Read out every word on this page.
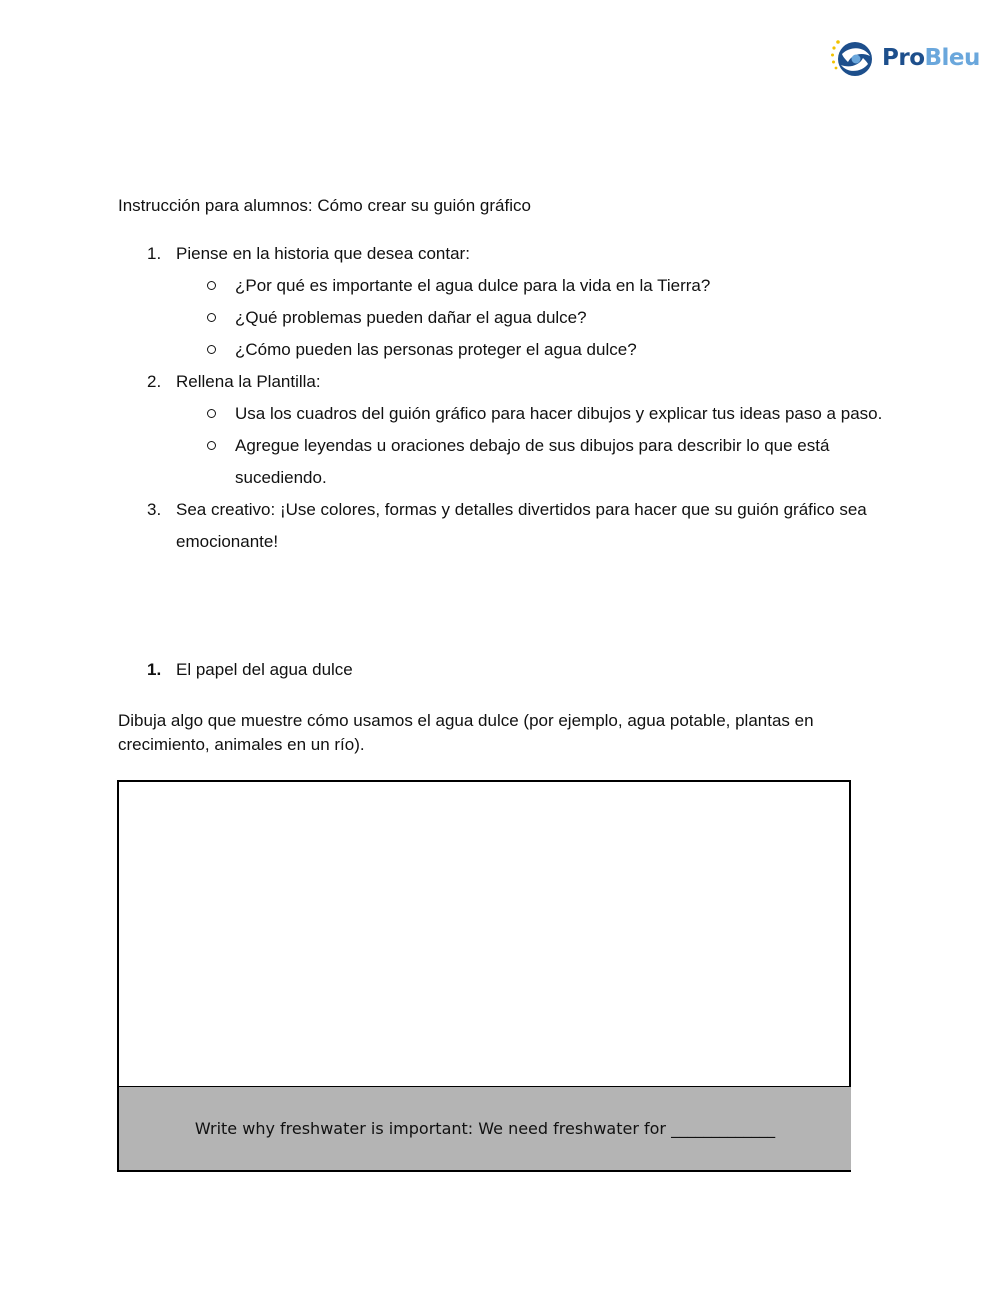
ProBleu
Instrucción para alumnos: Cómo crear su guión gráfico
1. Piense en la historia que desea contar:
¿Por qué es importante el agua dulce para la vida en la Tierra?
¿Qué problemas pueden dañar el agua dulce?
¿Cómo pueden las personas proteger el agua dulce?
2. Rellena la Plantilla:
Usa los cuadros del guión gráfico para hacer dibujos y explicar tus ideas paso a paso.
Agregue leyendas u oraciones debajo de sus dibujos para describir lo que está sucediendo.
3. Sea creativo: ¡Use colores, formas y detalles divertidos para hacer que su guión gráfico sea emocionante!
1. El papel del agua dulce
Dibuja algo que muestre cómo usamos el agua dulce (por ejemplo, agua potable, plantas en crecimiento, animales en un río).
Write why freshwater is important: We need freshwater for _____________
